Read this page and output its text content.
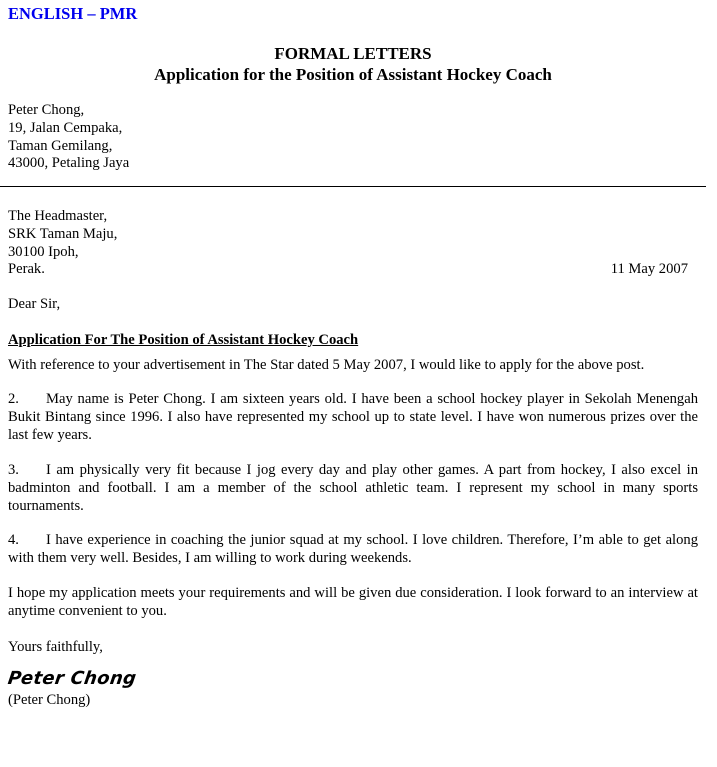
ENGLISH – PMR
FORMAL LETTERS
Application for the Position of Assistant Hockey Coach
Peter Chong,
19, Jalan Cempaka,
Taman Gemilang,
43000, Petaling Jaya
The Headmaster,
SRK Taman Maju,
30100 Ipoh,
Perak.	11 May 2007
Dear Sir,
Application For The Position of Assistant Hockey Coach
With reference to your advertisement in The Star dated 5 May 2007, I would like to apply for the above post.
2. May name is Peter Chong. I am sixteen years old. I have been a school hockey player in Sekolah Menengah Bukit Bintang since 1996. I also have represented my school up to state level. I have won numerous prizes over the last few years.
3. I am physically very fit because I jog every day and play other games. A part from hockey, I also excel in badminton and football. I am a member of the school athletic team. I represent my school in many sports tournaments.
4. I have experience in coaching the junior squad at my school. I love children. Therefore, I’m able to get along with them very well. Besides, I am willing to work during weekends.
I hope my application meets your requirements and will be given due consideration. I look forward to an interview at anytime convenient to you.
Yours faithfully,
Peter Chong
(Peter Chong)
